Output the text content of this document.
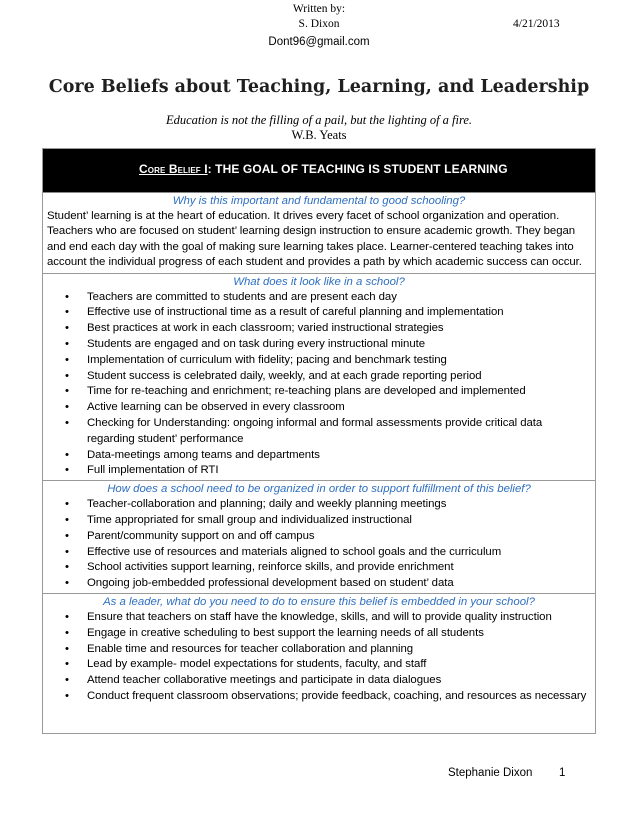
Written by:
S. Dixon	4/21/2013
Dont96@gmail.com
Core Beliefs about Teaching, Learning, and Leadership
Education is not the filling of a pail, but the lighting of a fire.
W.B. Yeats
Core Belief I: THE GOAL OF TEACHING IS STUDENT LEARNING
Why is this important and fundamental to good schooling?
Student’ learning is at the heart of education. It drives every facet of school organization and operation.
Teachers who are focused on student’ learning design instruction to ensure academic growth. They began
and end each day with the goal of making sure learning takes place. Learner-centered teaching takes into
account the individual progress of each student and provides a path by which academic success can occur.
What does it look like in a school?
• Teachers are committed to students and are present each day
• Effective use of instructional time as a result of careful planning and implementation
• Best practices at work in each classroom; varied instructional strategies
• Students are engaged and on task during every instructional minute
• Implementation of curriculum with fidelity; pacing and benchmark testing
• Student success is celebrated daily, weekly, and at each grade reporting period
• Time for re-teaching and enrichment; re-teaching plans are developed and implemented
• Active learning can be observed in every classroom
• Checking for Understanding: ongoing informal and formal assessments provide critical data
regarding student’ performance
• Data-meetings among teams and departments
• Full implementation of RTI
How does a school need to be organized in order to support fulfillment of this belief?
• Teacher-collaboration and planning; daily and weekly planning meetings
• Time appropriated for small group and individualized instructional
• Parent/community support on and off campus
• Effective use of resources and materials aligned to school goals and the curriculum
• School activities support learning, reinforce skills, and provide enrichment
• Ongoing job-embedded professional development based on student’ data
As a leader, what do you need to do to ensure this belief is embedded in your school?
• Ensure that teachers on staff have the knowledge, skills, and will to provide quality instruction
• Engage in creative scheduling to best support the learning needs of all students
• Enable time and resources for teacher collaboration and planning
• Lead by example- model expectations for students, faculty, and staff
• Attend teacher collaborative meetings and participate in data dialogues
• Conduct frequent classroom observations; provide feedback, coaching, and resources as necessary
Stephanie Dixon 1
